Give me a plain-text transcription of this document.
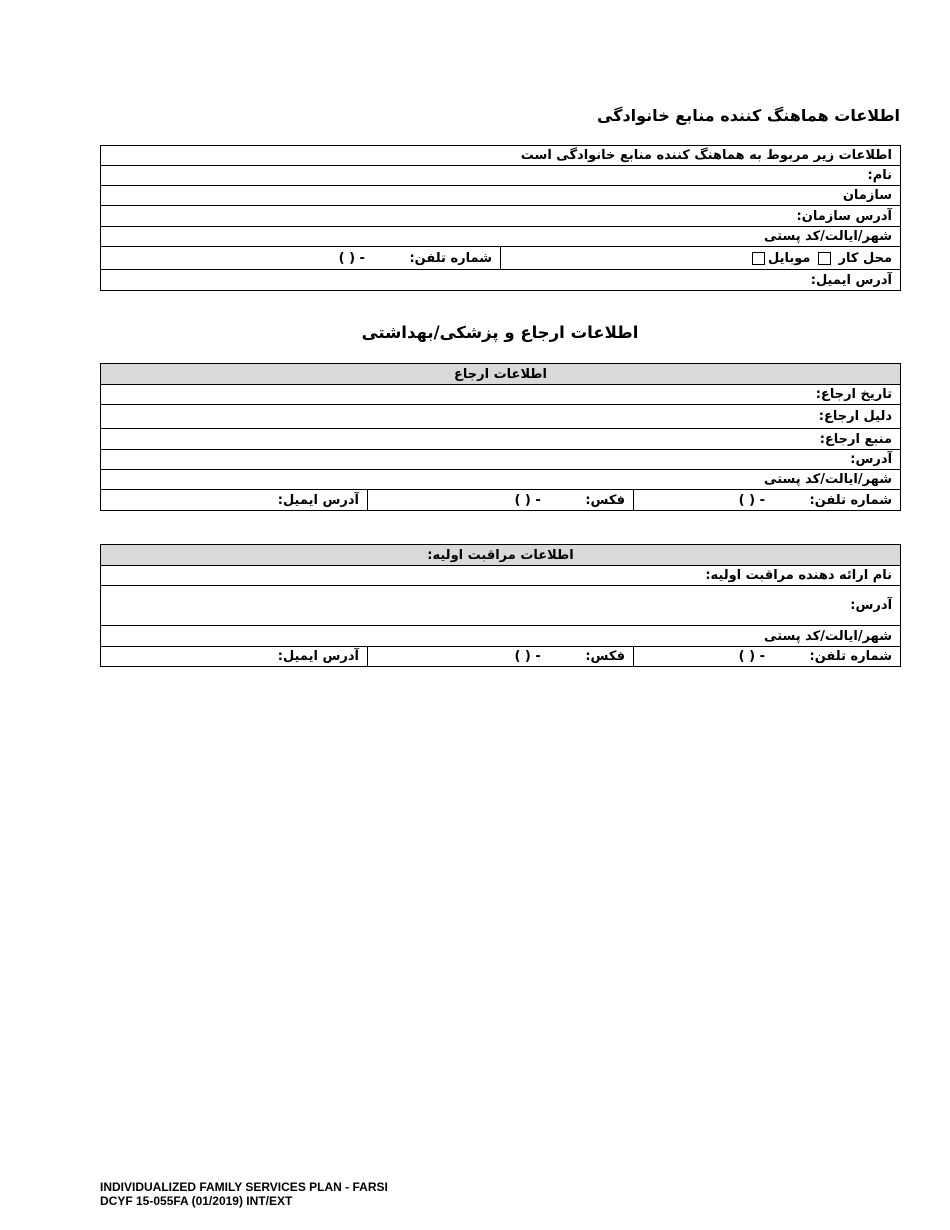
اطلاعات هماهنگ کننده منابع خانوادگی
اطلاعات زیر مربوط به هماهنگ کننده منابع خانوادگی است
نام:
سازمان
آدرس سازمان:
شهر/ایالت/کد پستی
شماره تلفن: ( ) -	محل کار  موبایل
آدرس ایمیل:
اطلاعات ارجاع و پزشکی/بهداشتی
اطلاعات ارجاع
تاریخ ارجاع:
دلیل ارجاع:
منبع ارجاع:
آدرس:
شهر/ایالت/کد پستی
آدرس ایمیل:	فکس: ( ) -	شماره تلفن: ( ) -
اطلاعات مراقبت اولیه:
نام ارائه دهنده مراقبت اولیه:
آدرس:
شهر/ایالت/کد پستی
آدرس ایمیل:	فکس: ( ) -	شماره تلفن: ( ) -
INDIVIDUALIZED FAMILY SERVICES PLAN - FARSI
DCYF 15-055FA (01/2019) INT/EXT
